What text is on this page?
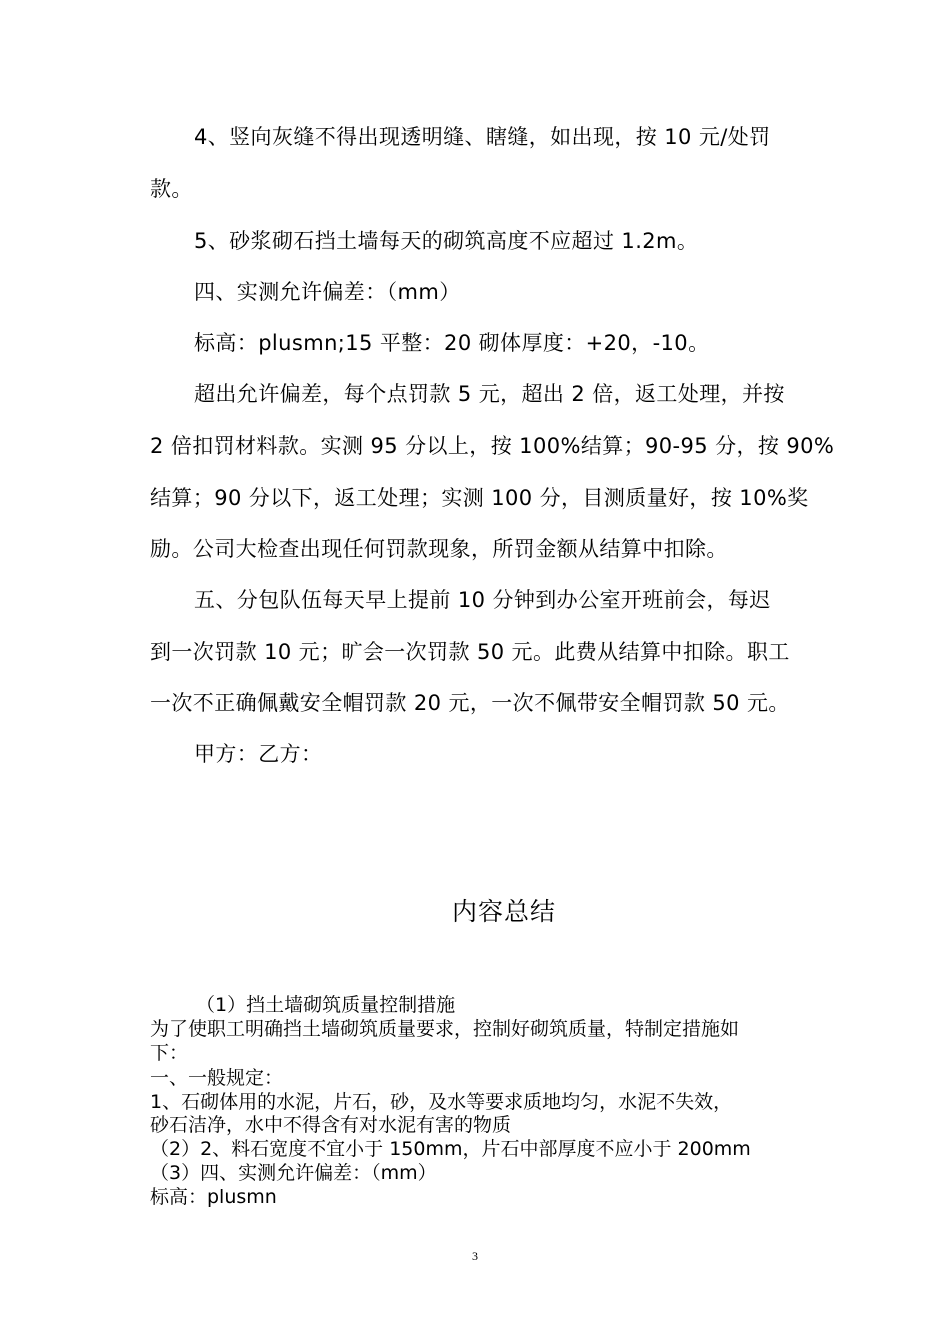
4、竖向灰缝不得出现透明缝、瞎缝，如出现，按 10 元/处罚
款。
5、砂浆砌石挡土墙每天的砌筑高度不应超过 1.2m。
四、实测允许偏差：（mm）
标高：plusmn;15 平整：20 砌体厚度：+20，-10。
超出允许偏差，每个点罚款 5 元，超出 2 倍，返工处理，并按
2 倍扣罚材料款。实测 95 分以上，按 100%结算；90-95 分，按 90%
结算；90 分以下，返工处理；实测 100 分，目测质量好，按 10%奖
励。公司大检查出现任何罚款现象，所罚金额从结算中扣除。
五、分包队伍每天早上提前 10 分钟到办公室开班前会，每迟
到一次罚款 10 元；旷会一次罚款 50 元。此费从结算中扣除。职工
一次不正确佩戴安全帽罚款 20 元，一次不佩带安全帽罚款 50 元。
甲方：乙方：
内容总结
（1）挡土墙砌筑质量控制措施
为了使职工明确挡土墙砌筑质量要求，控制好砌筑质量，特制定措施如
下：
一、一般规定：
1、石砌体用的水泥，片石，砂，及水等要求质地均匀，水泥不失效，
砂石洁净，水中不得含有对水泥有害的物质
（2）2、料石宽度不宜小于 150mm，片石中部厚度不应小于 200mm
（3）四、实测允许偏差：（mm）
标高：plusmn
3
